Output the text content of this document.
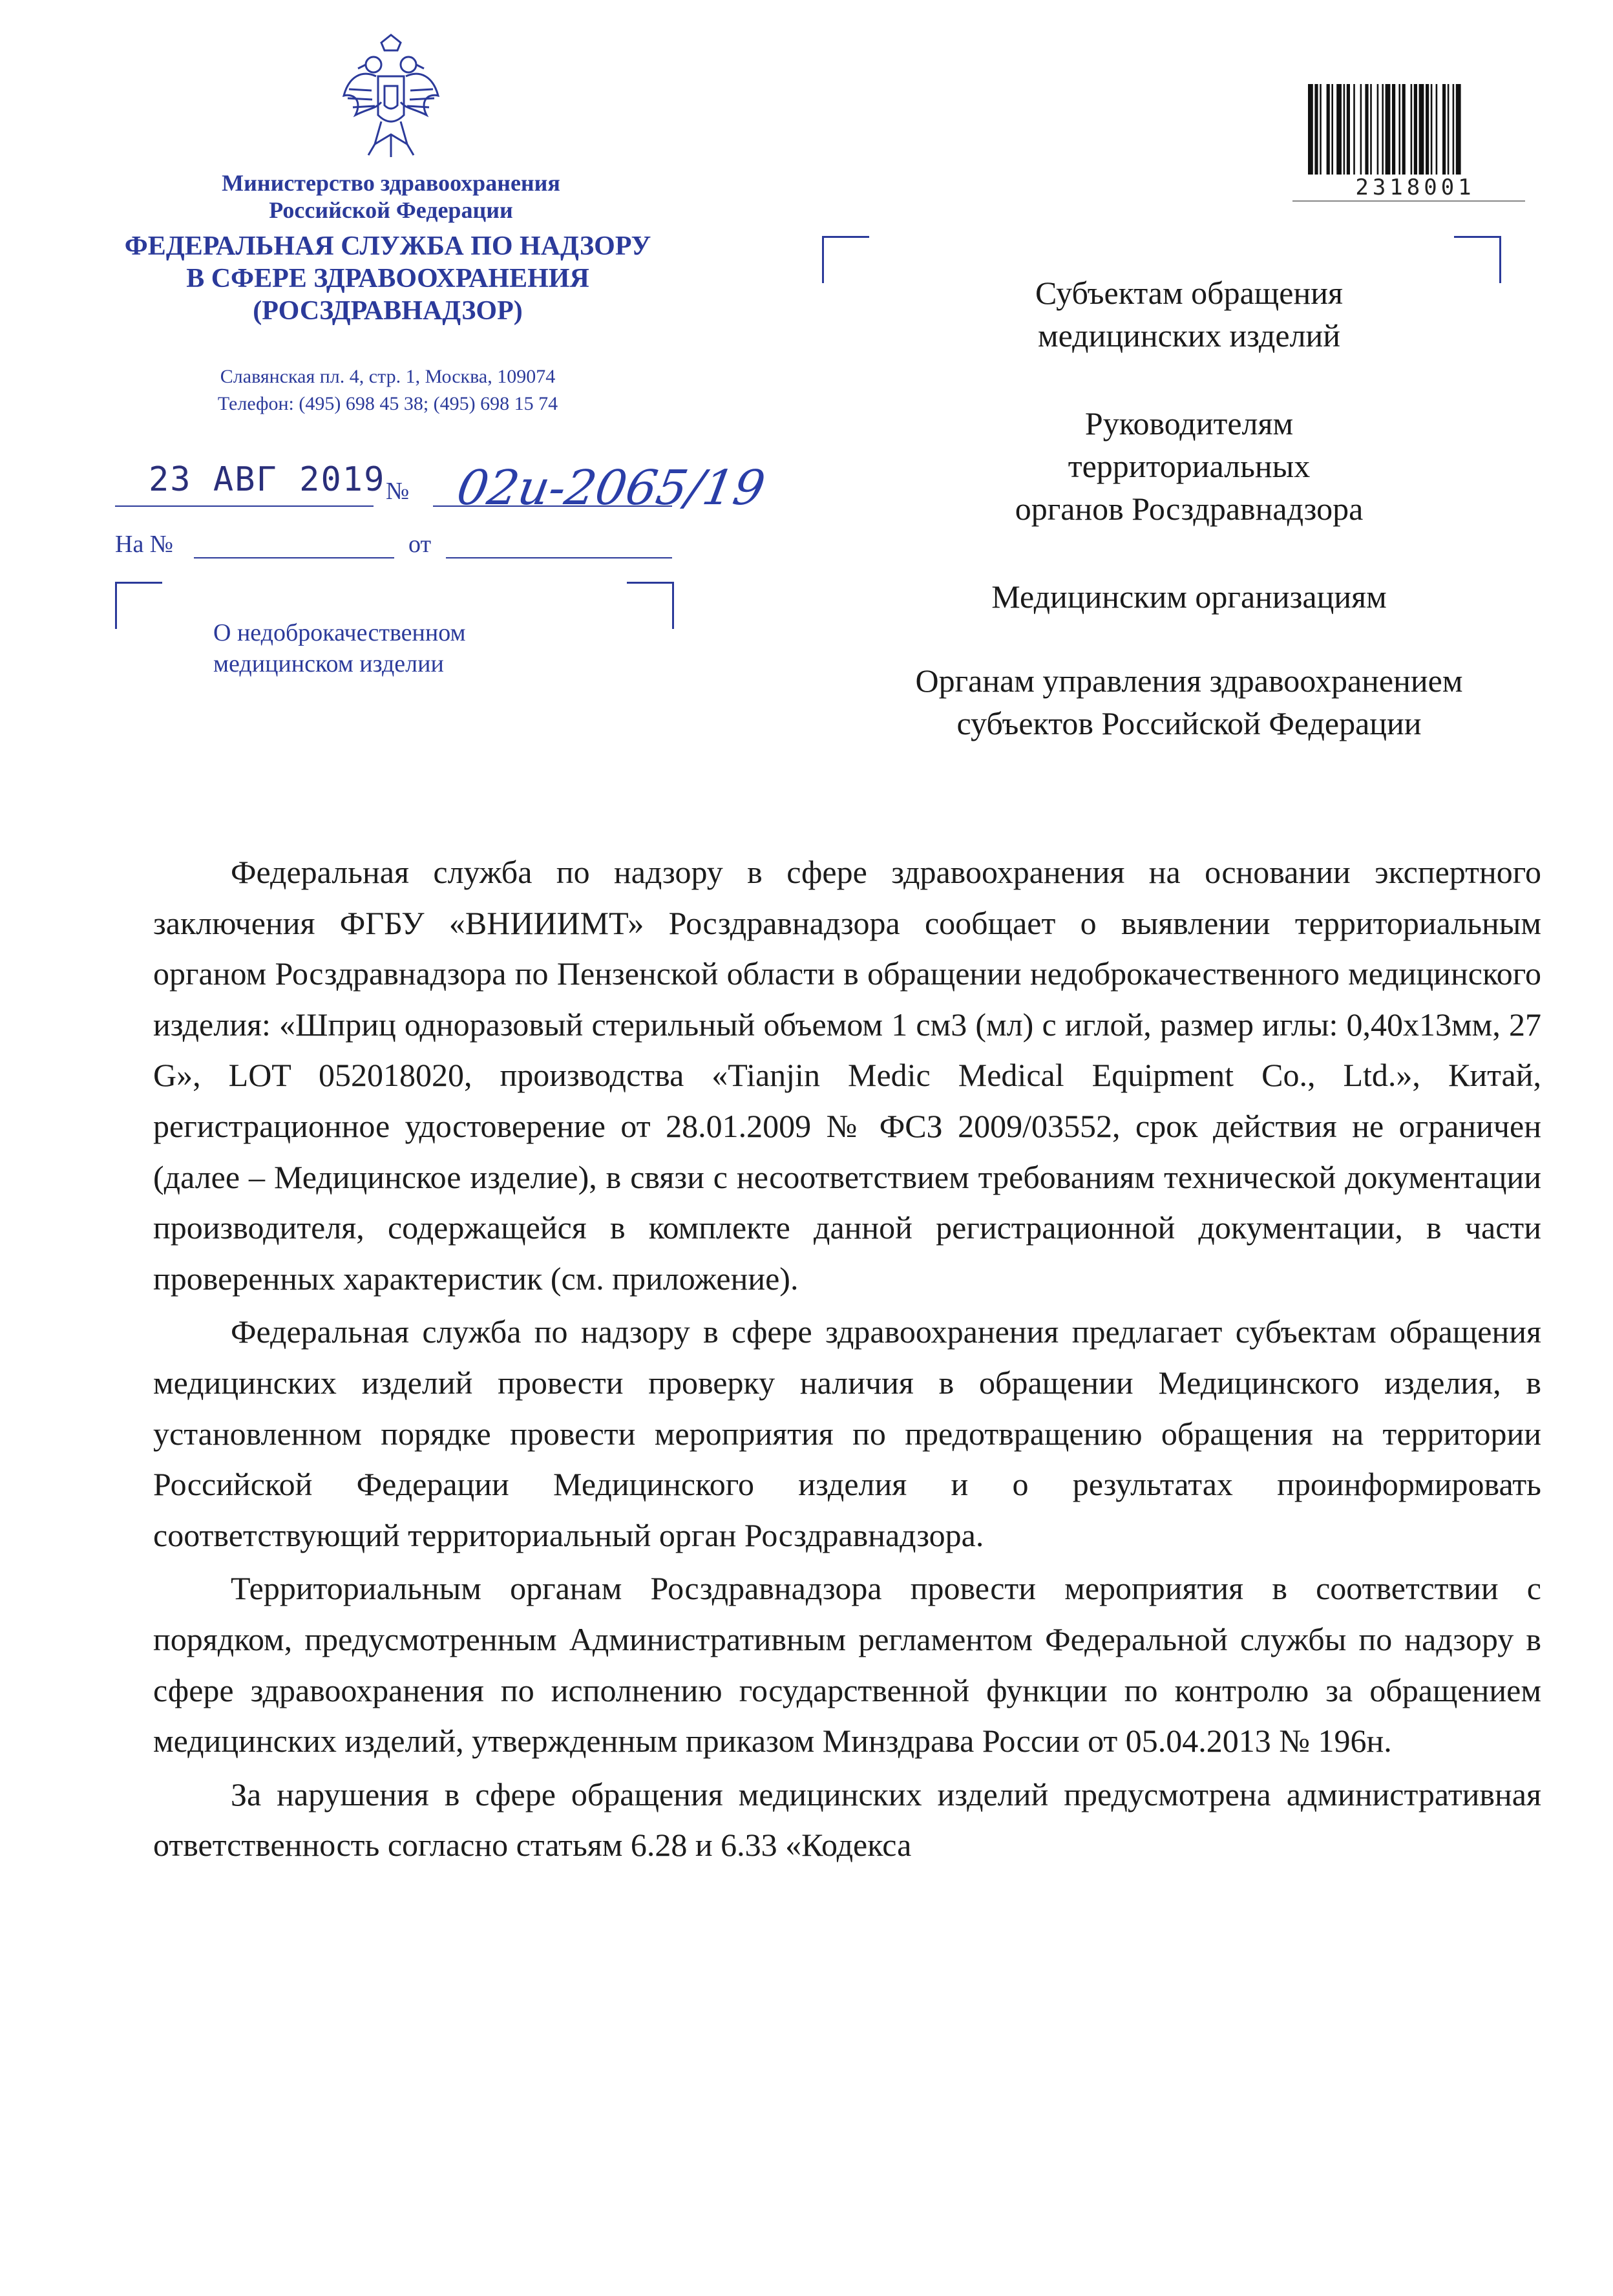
Министерство здравоохранения
Российской Федерации
ФЕДЕРАЛЬНАЯ СЛУЖБА ПО НАДЗОРУ
В СФЕРЕ ЗДРАВООХРАНЕНИЯ
(РОСЗДРАВНАДЗОР)
Славянская пл. 4, стр. 1, Москва, 109074
Телефон: (495) 698 45 38; (495) 698 15 74
23 АВГ 2019 № 02и-2065/19
На №	от
О недоброкачественном
медицинском изделии
2318001
Субъектам обращения
медицинских изделий
Руководителям
территориальных
органов Росздравнадзора
Медицинским организациям
Органам управления здравоохранением
субъектов Российской Федерации

Федеральная служба по надзору в сфере здравоохранения на основании экспертного заключения ФГБУ «ВНИИИМТ» Росздравнадзора сообщает о выявлении территориальным органом Росздравнадзора по Пензенской области в обращении недоброкачественного медицинского изделия: «Шприц одноразовый стерильный объемом 1 см3 (мл) с иглой, размер иглы: 0,40x13мм, 27 G», LOT 052018020, производства «Tianjin Medic Medical Equipment Co., Ltd.», Китай, регистрационное удостоверение от 28.01.2009 № ФСЗ 2009/03552, срок действия не ограничен (далее – Медицинское изделие), в связи с несоответствием требованиям технической документации производителя, содержащейся в комплекте данной регистрационной документации, в части проверенных характеристик (см. приложение).

Федеральная служба по надзору в сфере здравоохранения предлагает субъектам обращения медицинских изделий провести проверку наличия в обращении Медицинского изделия, в установленном порядке провести мероприятия по предотвращению обращения на территории Российской Федерации Медицинского изделия и о результатах проинформировать соответствующий территориальный орган Росздравнадзора.

Территориальным органам Росздравнадзора провести мероприятия в соответствии с порядком, предусмотренным Административным регламентом Федеральной службы по надзору в сфере здравоохранения по исполнению государственной функции по контролю за обращением медицинских изделий, утвержденным приказом Минздрава России от 05.04.2013 № 196н.

За нарушения в сфере обращения медицинских изделий предусмотрена административная ответственность согласно статьям 6.28 и 6.33 «Кодекса
